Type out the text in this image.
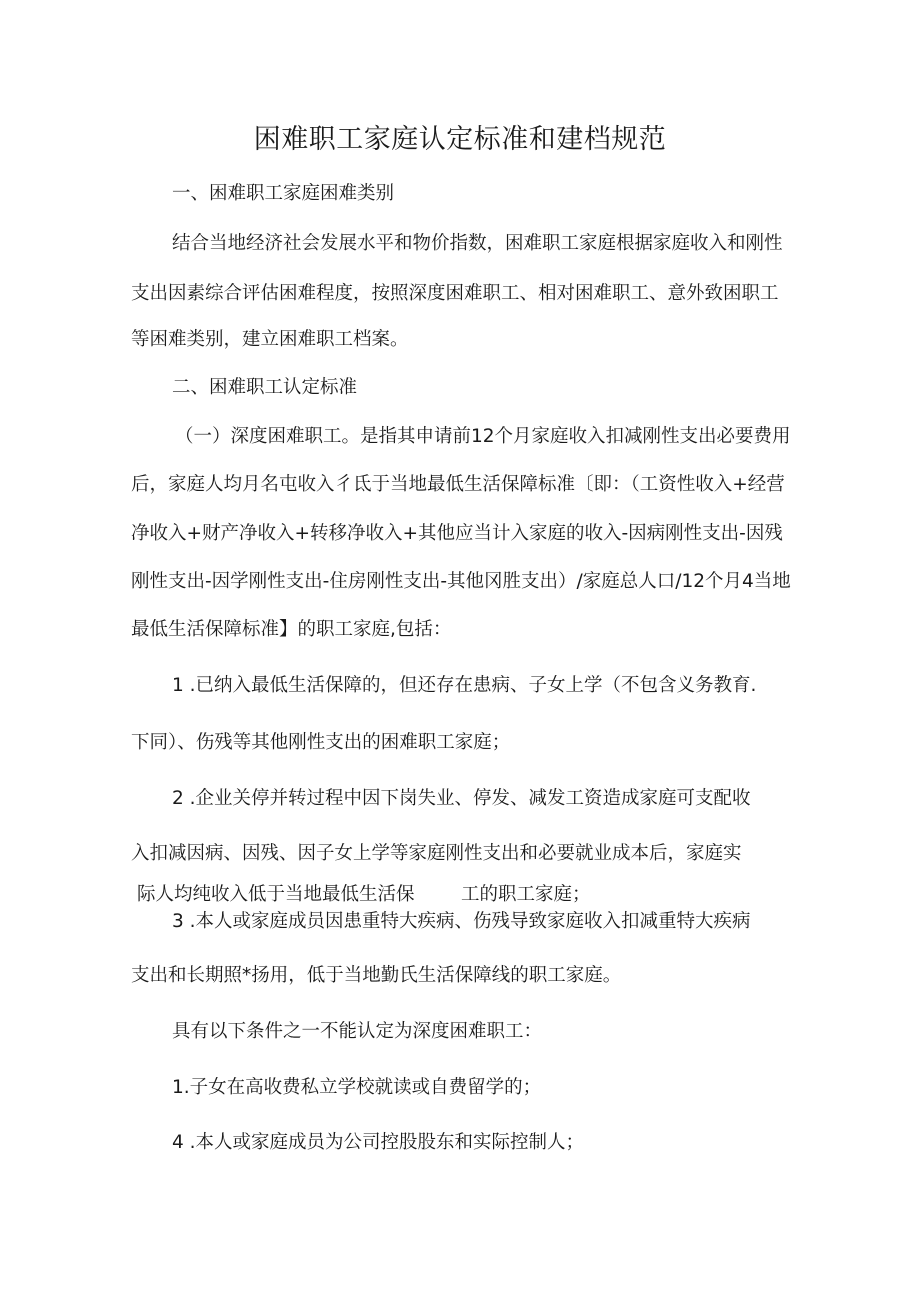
困难职工家庭认定标准和建档规范
一、困难职工家庭困难类别
结合当地经济社会发展水平和物价指数，困难职工家庭根据家庭收入和刚性
支出因素综合评估困难程度，按照深度困难职工、相对困难职工、意外致困职工
等困难类别，建立困难职工档案。
二、困难职工认定标准
（一）深度困难职工。是指其申请前12个月家庭收入扣减刚性支出必要费用
后，家庭人均月名屯收入彳氐于当地最低生活保障标准〔即：（工资性收入+经营
净收入+财产净收入+转移净收入+其他应当计入家庭的收入-因病刚性支出-因残
刚性支出-因学刚性支出-住房刚性支出-其他冈胜支出）/家庭总人口/12个月4当地
最低生活保障标准】的职工家庭,包括：
1 .已纳入最低生活保障的，但还存在患病、子女上学（不包含义务教育.
下同）、伤残等其他刚性支出的困难职工家庭；
2 .企业关停并转过程中因下岗失业、停发、减发工资造成家庭可支配收
入扣减因病、因残、因子女上学等家庭刚性支出和必要就业成本后，家庭实
际人均纯收入低于当地最低生活保	工的职工家庭；
3 .本人或家庭成员因患重特大疾病、伤残导致家庭收入扣减重特大疾病
支出和长期照*扬用，低于当地勤氏生活保障线的职工家庭。
具有以下条件之一不能认定为深度困难职工：
1.子女在高收费私立学校就读或自费留学的；
4 .本人或家庭成员为公司控股股东和实际控制人；
